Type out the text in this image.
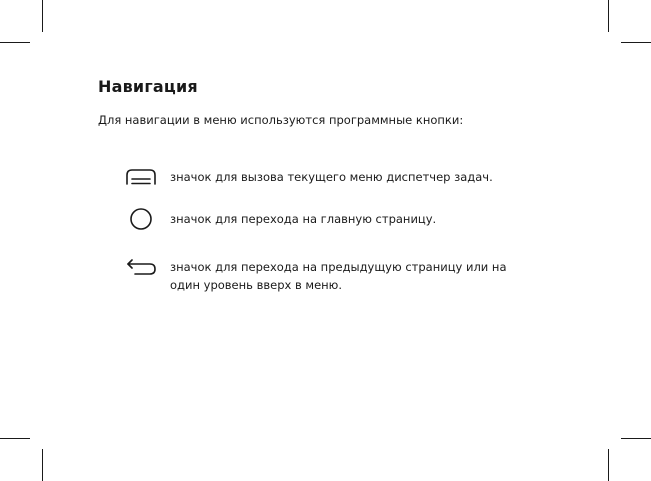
Навигация
Для навигации в меню используются программные кнопки:
значок для вызова текущего меню диспетчер задач.
значок для перехода на главную страницу.
значок для перехода на предыдущую страницу или на один уровень вверх в меню.
